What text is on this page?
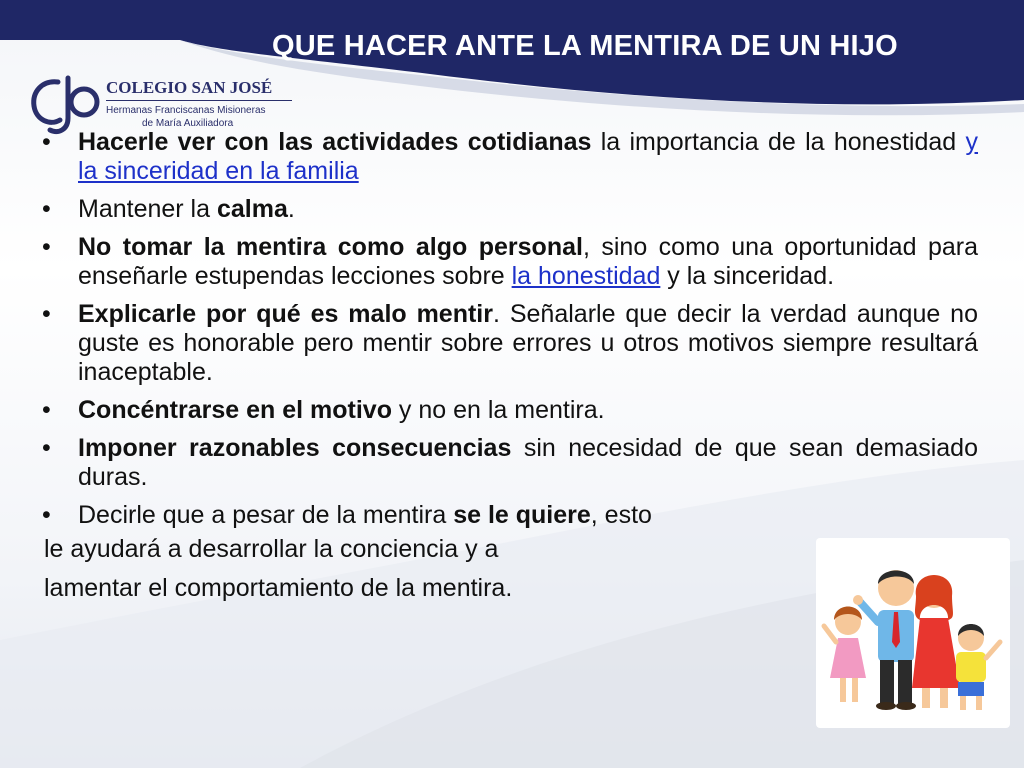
QUE HACER ANTE LA MENTIRA DE UN HIJO
COLEGIO SAN JOSÉ
Hermanas Franciscanas Misioneras
de María Auxiliadora
• Hacerle ver con las actividades cotidianas la importancia de la honestidad y la sinceridad en la familia
• Mantener la calma.
• No tomar la mentira como algo personal, sino como una oportunidad para enseñarle estupendas lecciones sobre la honestidad y la sinceridad.
• Explicarle por qué es malo mentir. Señalarle que decir la verdad aunque no guste es honorable pero mentir sobre errores u otros motivos siempre resultará inaceptable.
• Concéntrarse en el motivo y no en la mentira.
• Imponer razonables consecuencias sin necesidad de que sean demasiado duras.
• Decirle que a pesar de la mentira se le quiere, esto
le ayudará a desarrollar la conciencia y a
lamentar el comportamiento de la mentira.
